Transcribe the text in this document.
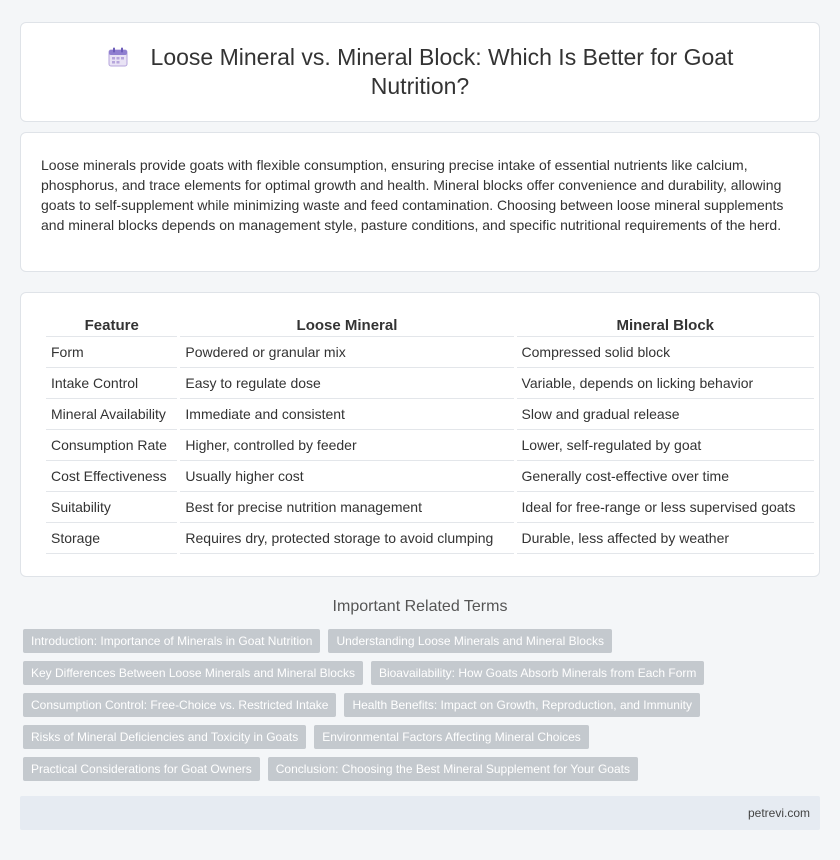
Loose Mineral vs. Mineral Block: Which Is Better for Goat Nutrition?

Loose minerals provide goats with flexible consumption, ensuring precise intake of essential nutrients like calcium, phosphorus, and trace elements for optimal growth and health. Mineral blocks offer convenience and durability, allowing goats to self-supplement while minimizing waste and feed contamination. Choosing between loose mineral supplements and mineral blocks depends on management style, pasture conditions, and specific nutritional requirements of the herd.

Feature	Loose Mineral	Mineral Block
Form	Powdered or granular mix	Compressed solid block
Intake Control	Easy to regulate dose	Variable, depends on licking behavior
Mineral Availability	Immediate and consistent	Slow and gradual release
Consumption Rate	Higher, controlled by feeder	Lower, self-regulated by goat
Cost Effectiveness	Usually higher cost	Generally cost-effective over time
Suitability	Best for precise nutrition management	Ideal for free-range or less supervised goats
Storage	Requires dry, protected storage to avoid clumping	Durable, less affected by weather
Important Related Terms
Introduction: Importance of Minerals in Goat Nutrition	Understanding Loose Minerals and Mineral Blocks
Key Differences Between Loose Minerals and Mineral Blocks	Bioavailability: How Goats Absorb Minerals from Each Form
Consumption Control: Free-Choice vs. Restricted Intake	Health Benefits: Impact on Growth, Reproduction, and Immunity
Risks of Mineral Deficiencies and Toxicity in Goats	Environmental Factors Affecting Mineral Choices
Practical Considerations for Goat Owners	Conclusion: Choosing the Best Mineral Supplement for Your Goats
petrevi.com
